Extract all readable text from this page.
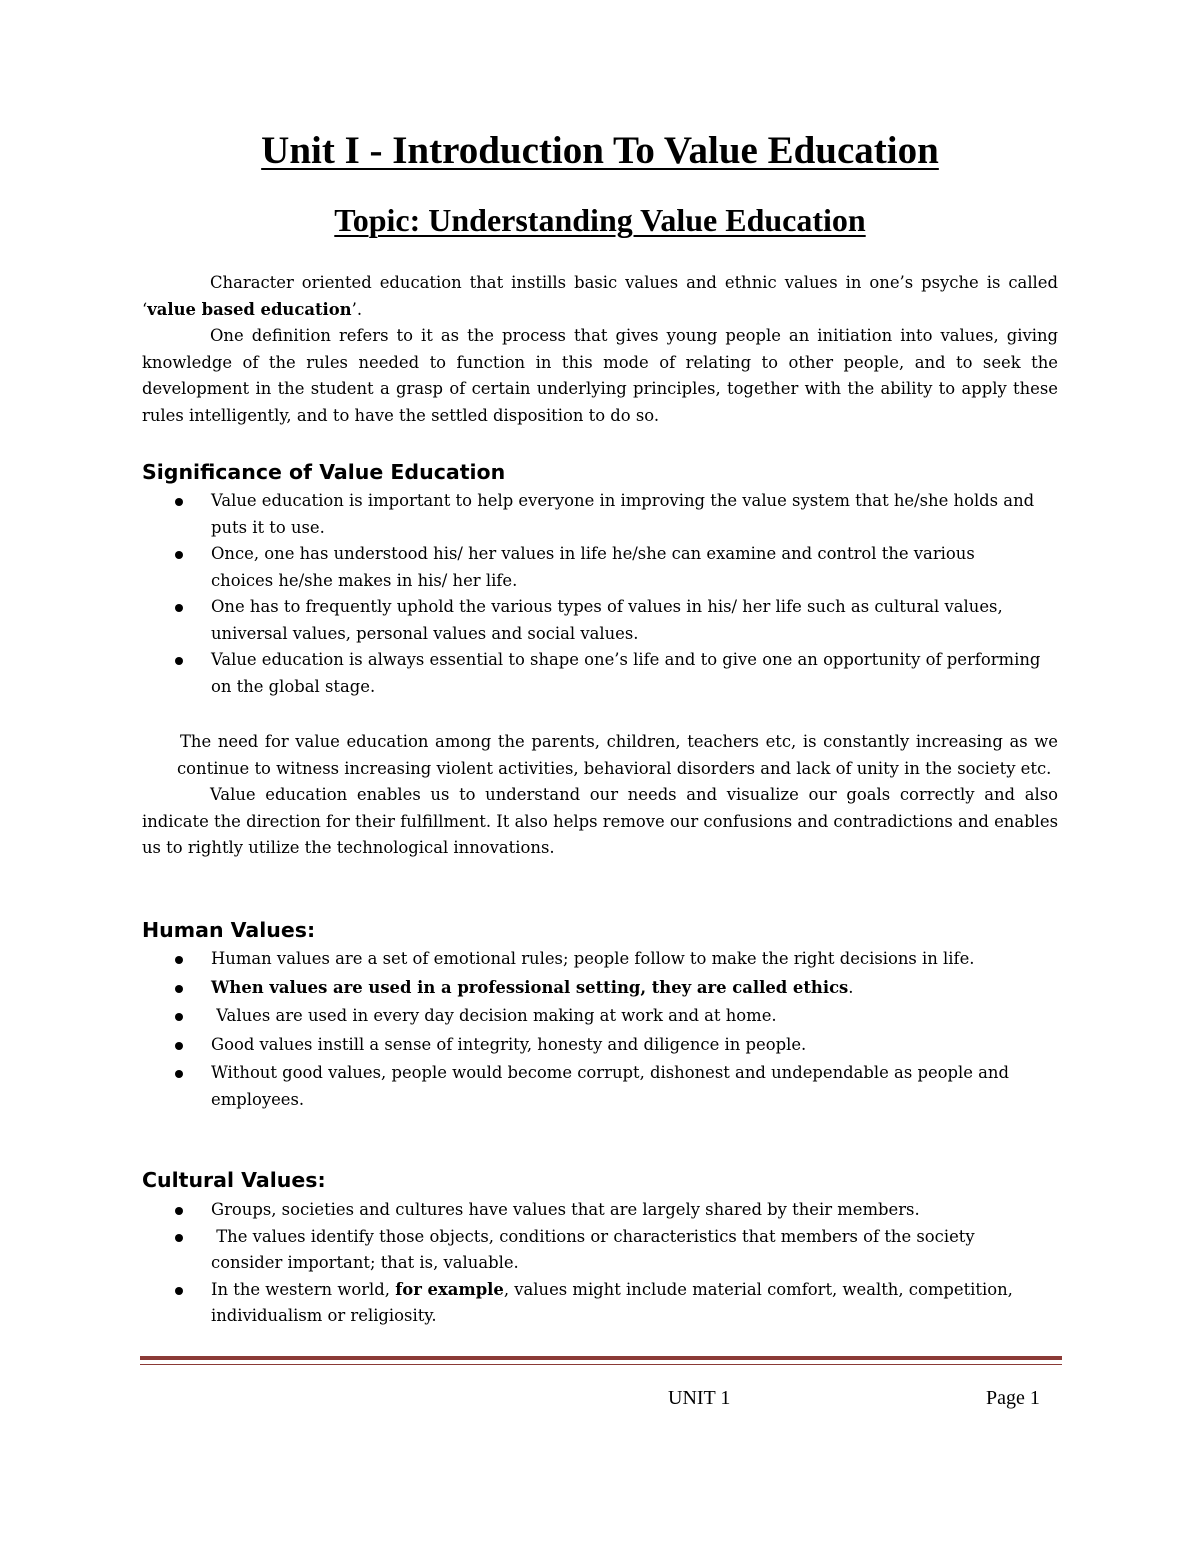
Unit I - Introduction To Value Education
Topic: Understanding Value Education

Character oriented education that instills basic values and ethnic values in one’s psyche is called ‘value based education’.

One definition refers to it as the process that gives young people an initiation into values, giving knowledge of the rules needed to function in this mode of relating to other people, and to seek the development in the student a grasp of certain underlying principles, together with the ability to apply these rules intelligently, and to have the settled disposition to do so.

Significance of Value Education
Value education is important to help everyone in improving the value system that he/she holds and puts it to use.
Once, one has understood his/ her values in life he/she can examine and control the various choices he/she makes in his/ her life.
One has to frequently uphold the various types of values in his/ her life such as cultural values, universal values, personal values and social values.
Value education is always essential to shape one’s life and to give one an opportunity of performing on the global stage.

The need for value education among the parents, children, teachers etc, is constantly increasing as we continue to witness increasing violent activities, behavioral disorders and lack of unity in the society etc.

Value education enables us to understand our needs and visualize our goals correctly and also indicate the direction for their fulfillment. It also helps remove our confusions and contradictions and enables us to rightly utilize the technological innovations.

Human Values:
Human values are a set of emotional rules; people follow to make the right decisions in life.
When values are used in a professional setting, they are called ethics.
Values are used in every day decision making at work and at home.
Good values instill a sense of integrity, honesty and diligence in people.
Without good values, people would become corrupt, dishonest and undependable as people and employees.
Cultural Values:
Groups, societies and cultures have values that are largely shared by their members.
The values identify those objects, conditions or characteristics that members of the society consider important; that is, valuable.
In the western world, for example, values might include material comfort, wealth, competition, individualism or religiosity.
UNIT 1	Page 1
